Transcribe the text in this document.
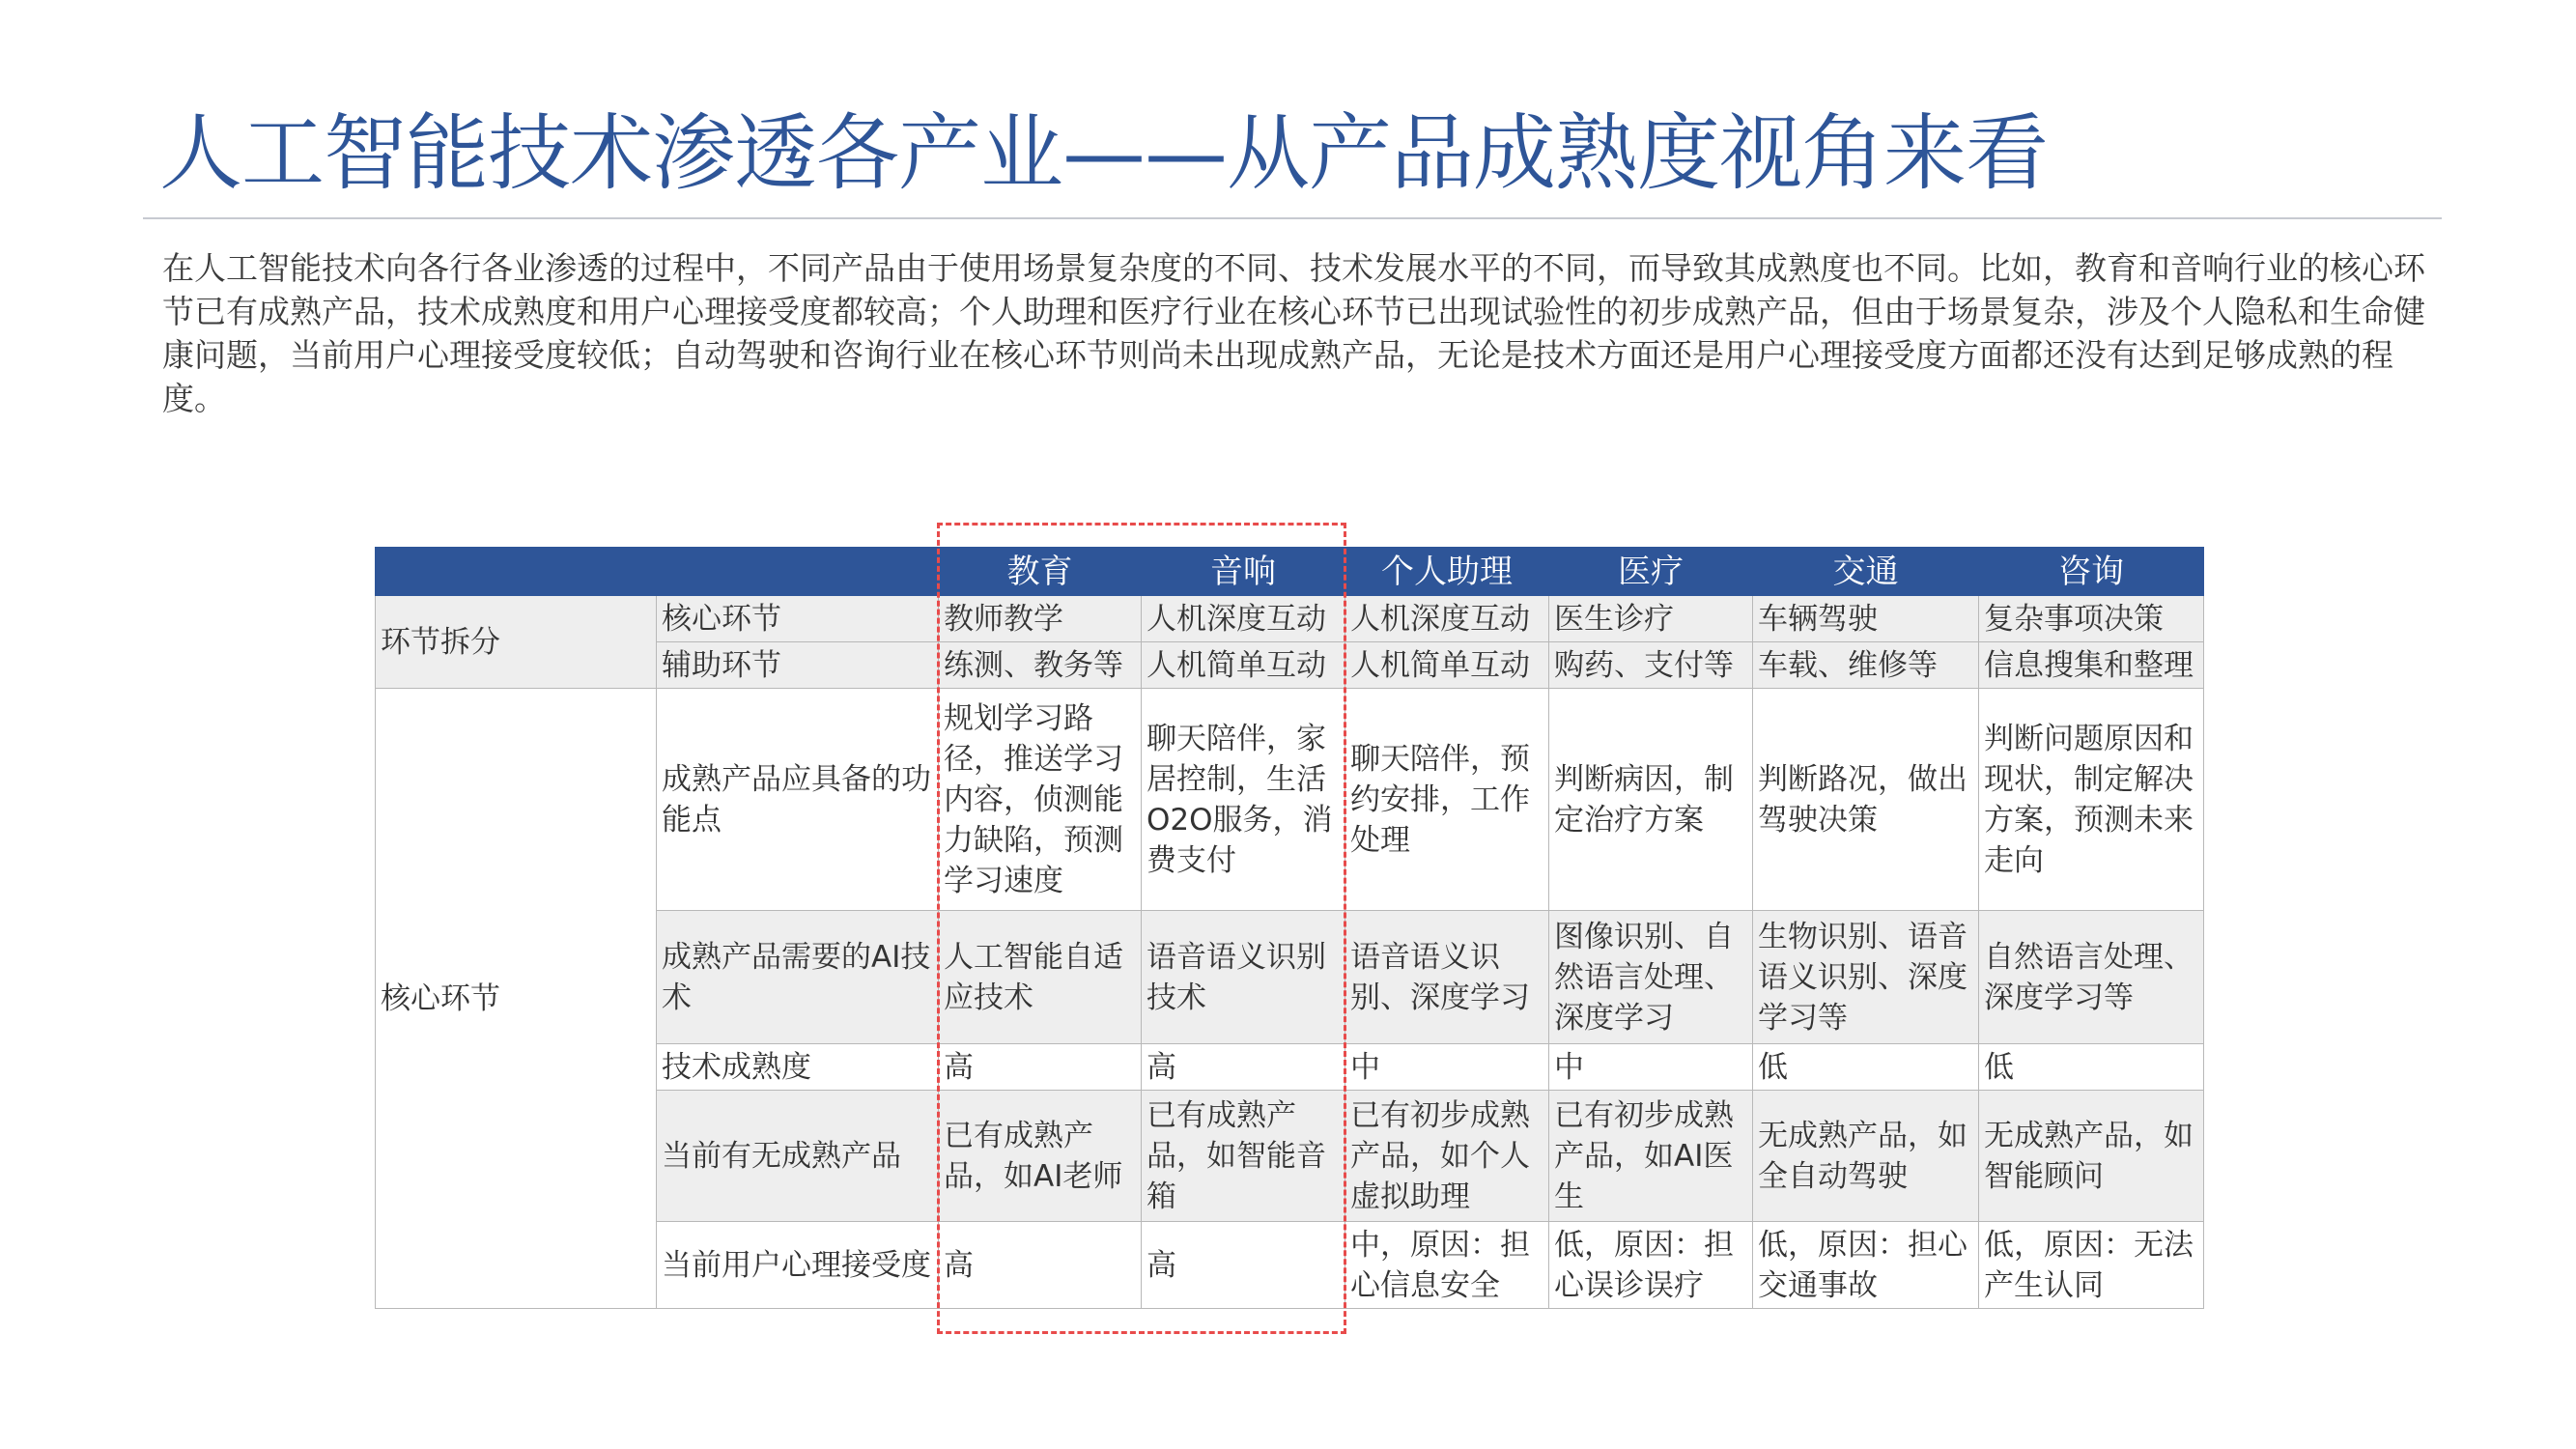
人工智能技术渗透各产业——从产品成熟度视角来看

在人工智能技术向各行各业渗透的过程中，不同产品由于使用场景复杂度的不同、技术发展水平的不同，而导致其成熟度也不同。比如，教育和音响行业的核心环节已有成熟产品，技术成熟度和用户心理接受度都较高；个人助理和医疗行业在核心环节已出现试验性的初步成熟产品，但由于场景复杂，涉及个人隐私和生命健康问题，当前用户心理接受度较低；自动驾驶和咨询行业在核心环节则尚未出现成熟产品，无论是技术方面还是用户心理接受度方面都还没有达到足够成熟的程度。

		教育	音响	个人助理	医疗	交通	咨询
环节拆分	核心环节	教师教学	人机深度互动	人机深度互动	医生诊疗	车辆驾驶	复杂事项决策
	辅助环节	练测、教务等	人机简单互动	人机简单互动	购药、支付等	车载、维修等	信息搜集和整理
核心环节	成熟产品应具备的功能点	规划学习路径，推送学习内容，侦测能力缺陷，预测学习速度	聊天陪伴，家居控制，生活O2O服务，消费支付	聊天陪伴，预约安排，工作处理	判断病因，制定治疗方案	判断路况，做出驾驶决策	判断问题原因和现状，制定解决方案，预测未来走向
	成熟产品需要的AI技术	人工智能自适应技术	语音语义识别技术	语音语义识别、深度学习	图像识别、自然语言处理、深度学习	生物识别、语音语义识别、深度学习等	自然语言处理、深度学习等
	技术成熟度	高	高	中	中	低	低
	当前有无成熟产品	已有成熟产品，如AI老师	已有成熟产品，如智能音箱	已有初步成熟产品，如个人虚拟助理	已有初步成熟产品，如AI医生	无成熟产品，如全自动驾驶	无成熟产品，如智能顾问
	当前用户心理接受度	高	高	中，原因：担心信息安全	低，原因：担心误诊误疗	低，原因：担心交通事故	低，原因：无法产生认同
